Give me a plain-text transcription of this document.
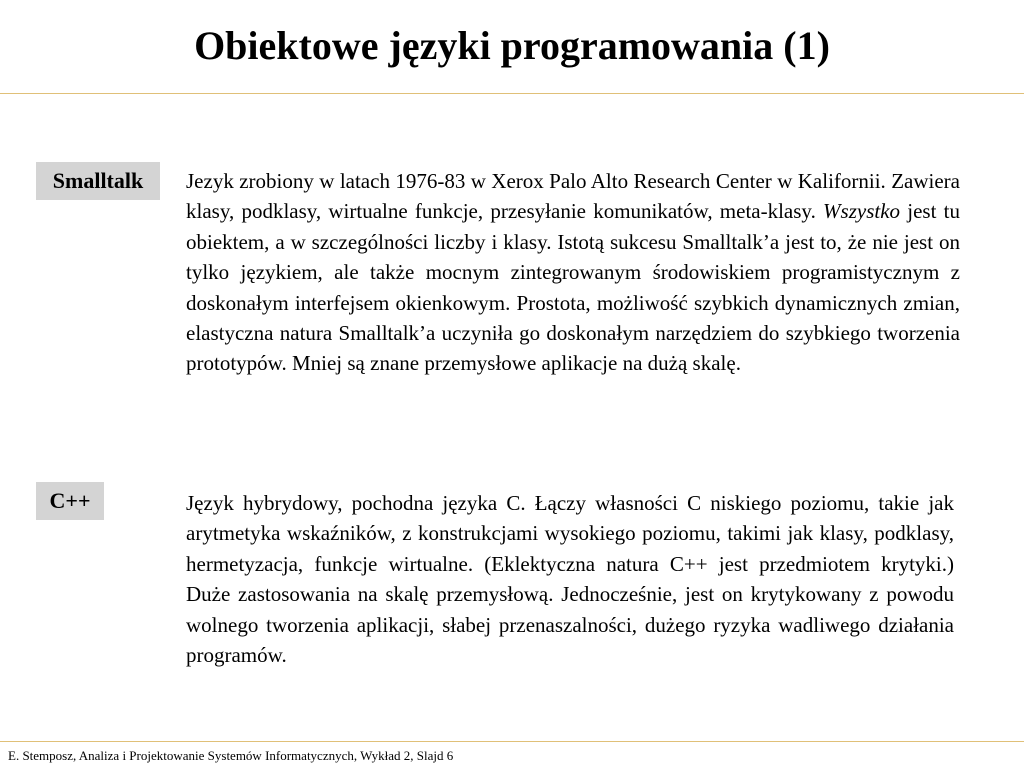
Obiektowe języki programowania (1)
Smalltalk	Jezyk zrobiony w latach 1976-83 w Xerox Palo Alto Research Center w Kalifornii. Zawiera klasy, podklasy, wirtualne funkcje, przesyłanie komunikatów, meta-klasy. Wszystko jest tu obiektem, a w szczególności liczby i klasy. Istotą sukcesu Smalltalk’a jest to, że nie jest on tylko językiem, ale także mocnym zintegrowanym środowiskiem programistycznym z doskonałym interfejsem okienkowym. Prostota, możliwość szybkich dynamicznych zmian, elastyczna natura Smalltalk’a uczyniła go doskonałym narzędziem do szybkiego tworzenia prototypów. Mniej są znane przemysłowe aplikacje na dużą skalę.
C++	Język hybrydowy, pochodna języka C. Łączy własności C niskiego poziomu, takie jak arytmetyka wskaźników, z konstrukcjami wysokiego poziomu, takimi jak klasy, podklasy, hermetyzacja, funkcje wirtualne. (Eklektyczna natura C++ jest przedmiotem krytyki.) Duże zastosowania na skalę przemysłową. Jednocześnie, jest on krytykowany z powodu wolnego tworzenia aplikacji, słabej przenaszalności, dużego ryzyka wadliwego działania programów.
E. Stemposz, Analiza i Projektowanie Systemów Informatycznych, Wykład 2, Slajd 6
